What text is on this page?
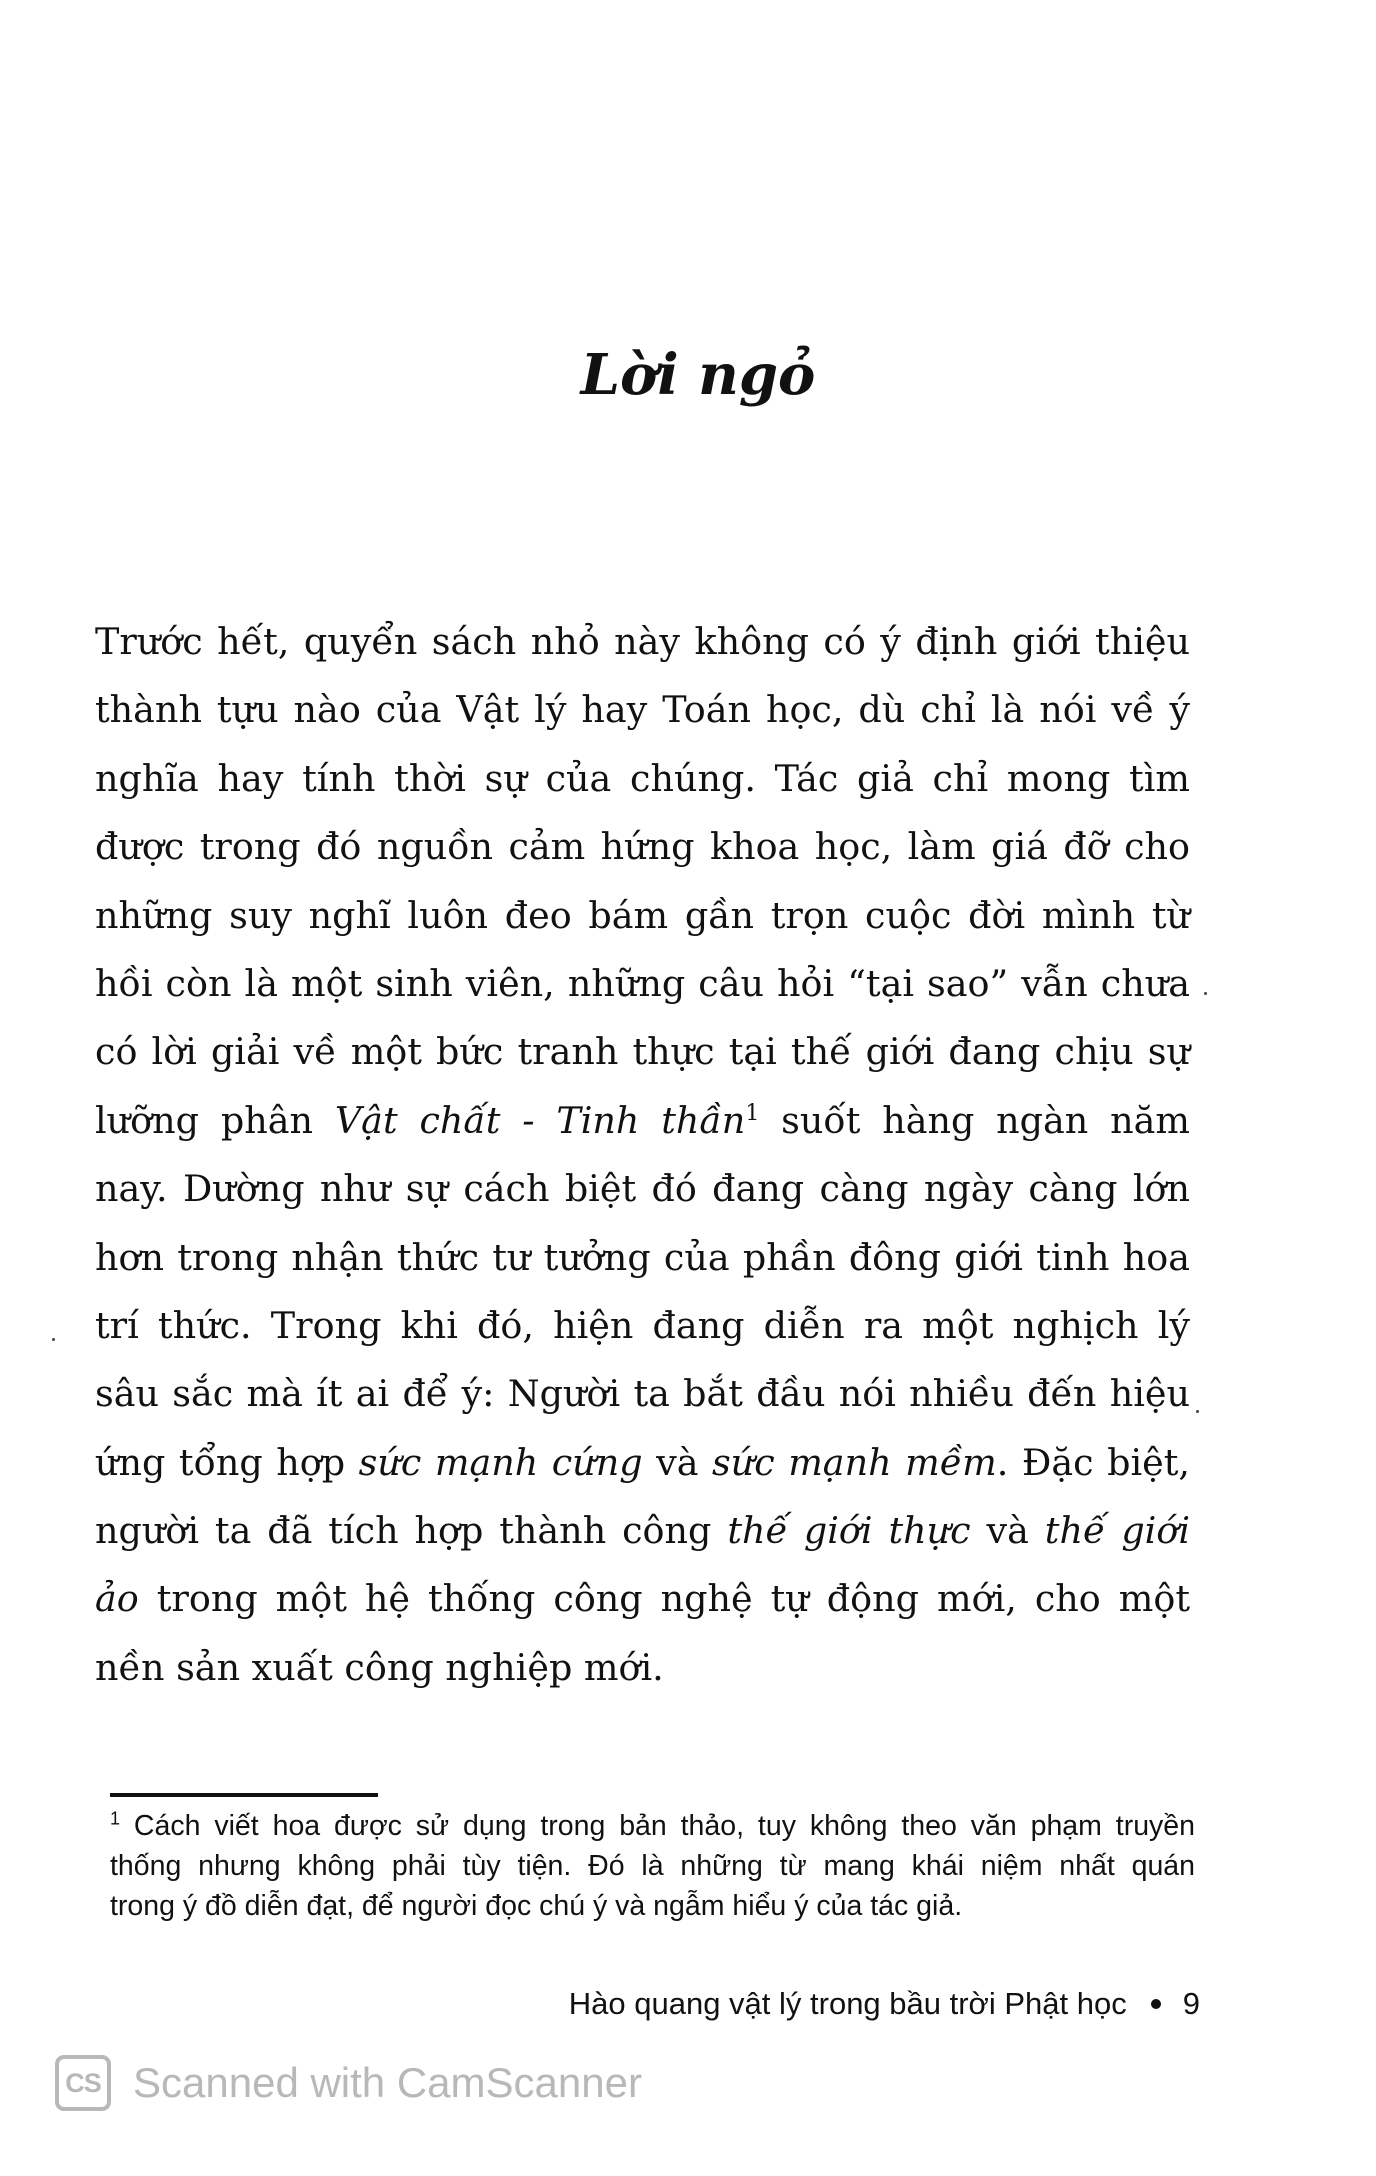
Lời ngỏ
Trước hết, quyển sách nhỏ này không có ý định giới thiệu
thành tựu nào của Vật lý hay Toán học, dù chỉ là nói về ý
nghĩa hay tính thời sự của chúng. Tác giả chỉ mong tìm
được trong đó nguồn cảm hứng khoa học, làm giá đỡ cho
những suy nghĩ luôn đeo bám gần trọn cuộc đời mình từ
hồi còn là một sinh viên, những câu hỏi “tại sao” vẫn chưa
có lời giải về một bức tranh thực tại thế giới đang chịu sự
lưỡng phân Vật chất - Tinh thần$^1$ suốt hàng ngàn năm
nay. Dường như sự cách biệt đó đang càng ngày càng lớn
hơn trong nhận thức tư tưởng của phần đông giới tinh hoa
trí thức. Trong khi đó, hiện đang diễn ra một nghịch lý
sâu sắc mà ít ai để ý: Người ta bắt đầu nói nhiều đến hiệu
ứng tổng hợp sức mạnh cứng và sức mạnh mềm. Đặc biệt,
người ta đã tích hợp thành công thế giới thực và thế giới
ảo trong một hệ thống công nghệ tự động mới, cho một
nền sản xuất công nghiệp mới.
$^1$ Cách viết hoa được sử dụng trong bản thảo, tuy không theo văn phạm truyền
thống nhưng không phải tùy tiện. Đó là những từ mang khái niệm nhất quán
trong ý đồ diễn đạt, để người đọc chú ý và ngẫm hiểu ý của tác giả.
Hào quang vật lý trong bầu trời Phật học 9
CS Scanned with CamScanner
